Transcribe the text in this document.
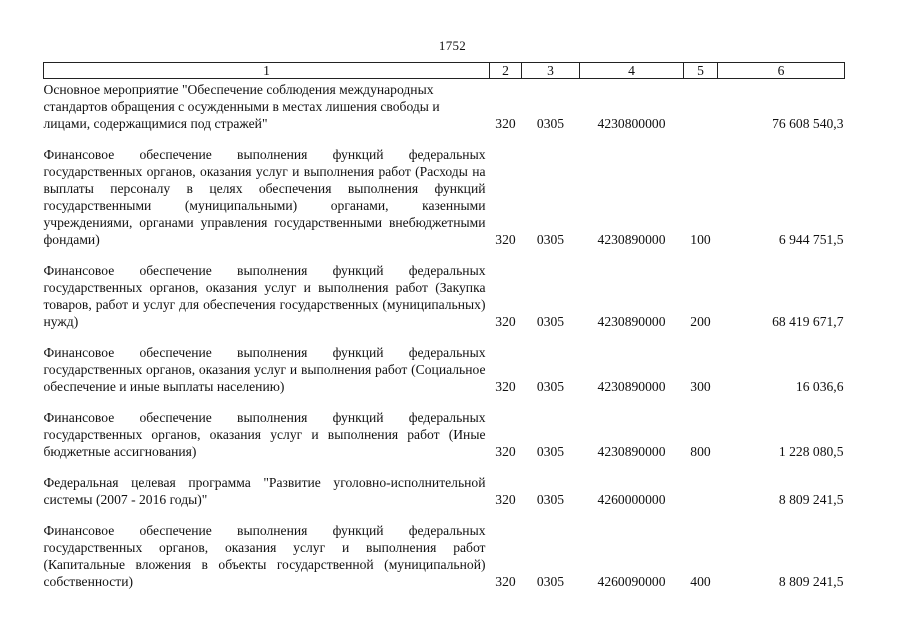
1752
1	2	3	4	5	6
Основное мероприятие "Обеспечение соблюдения международных стандартов обращения с осужденными в местах лишения свободы и лицами, содержащимися под стражей"	320	0305	4230800000		76 608 540,3
Финансовое обеспечение выполнения функций федеральных государственных органов, оказания услуг и выполнения работ (Расходы на выплаты персоналу в целях обеспечения выполнения функций государственными (муниципальными) органами, казенными учреждениями, органами управления государственными внебюджетными фондами)	320	0305	4230890000	100	6 944 751,5
Финансовое обеспечение выполнения функций федеральных государственных органов, оказания услуг и выполнения работ (Закупка товаров, работ и услуг для обеспечения государственных (муниципальных) нужд)	320	0305	4230890000	200	68 419 671,7
Финансовое обеспечение выполнения функций федеральных государственных органов, оказания услуг и выполнения работ (Социальное обеспечение и иные выплаты населению)	320	0305	4230890000	300	16 036,6
Финансовое обеспечение выполнения функций федеральных государственных органов, оказания услуг и выполнения работ (Иные бюджетные ассигнования)	320	0305	4230890000	800	1 228 080,5
Федеральная целевая программа "Развитие уголовно-исполнительной системы (2007 - 2016 годы)"	320	0305	4260000000		8 809 241,5
Финансовое обеспечение выполнения функций федеральных государственных органов, оказания услуг и выполнения работ (Капитальные вложения в объекты государственной (муниципальной) собственности)	320	0305	4260090000	400	8 809 241,5
